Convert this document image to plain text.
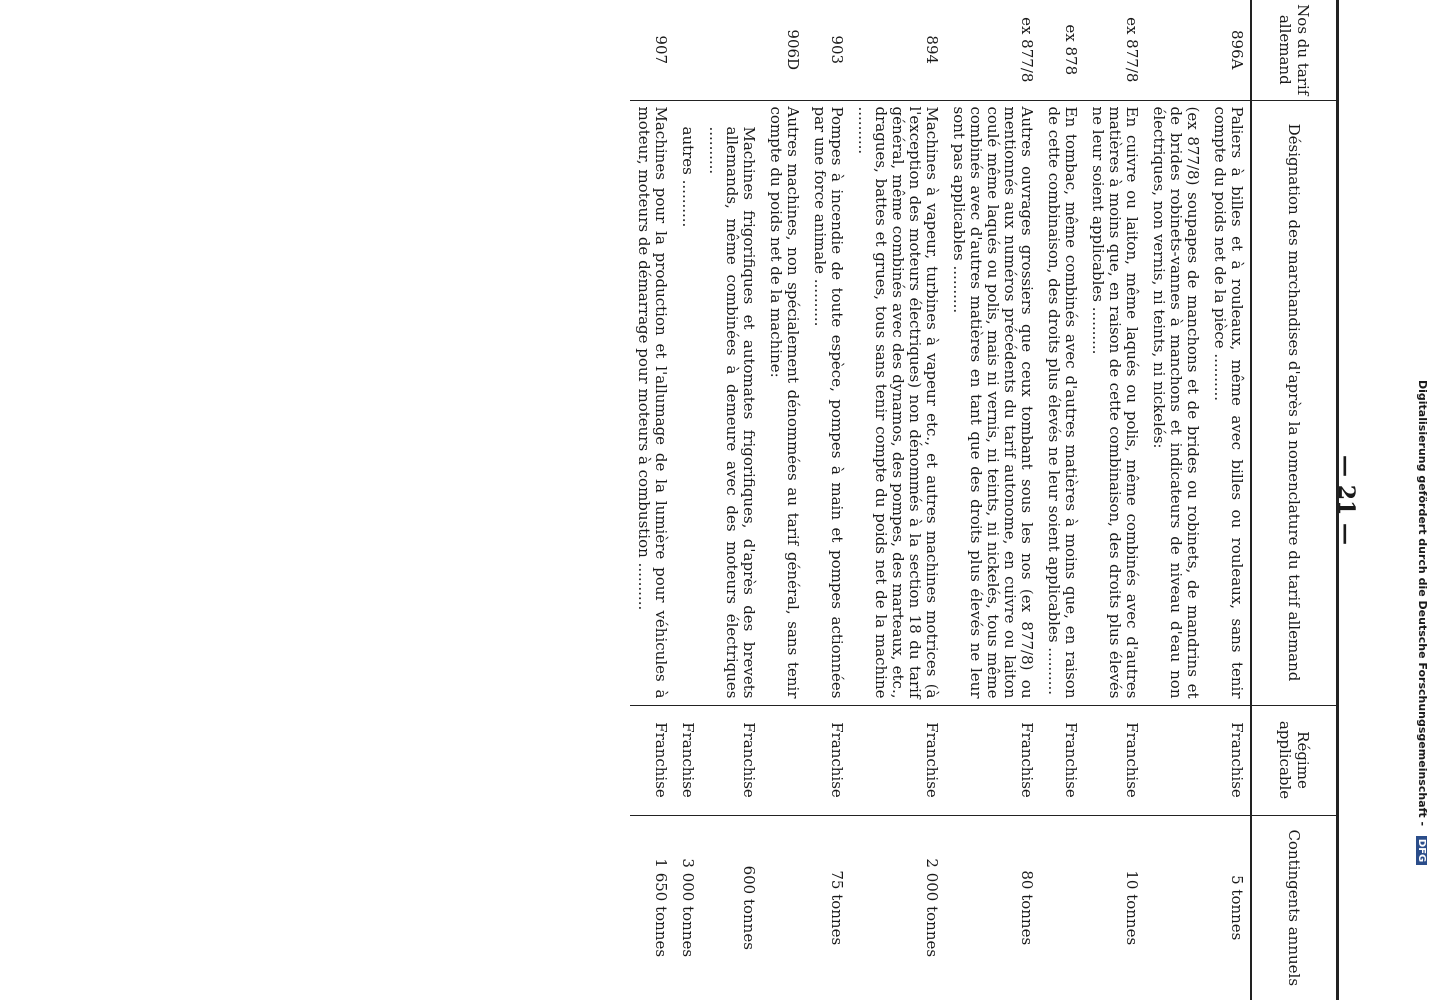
— 21 —
Nos du tarif allemand	Désignation des marchandises d'après la nomenclature du tarif allemand	Régime applicable	Contingents annuels
896A	Paliers à billes et à rouleaux, même avec billes ou rouleaux, sans tenir compte du poids net de la pièce ..........	Franchise	5 tonnes
	(ex 877/8) soupapes de manchons et de brides ou robinets, de mandrins et de brides robinets-vannes à manchons et indicateurs de niveau d'eau non électriques, non vernis, ni teints, ni nickelés:		
ex 877/8	En cuivre ou laiton, même laqués ou polis, même combinés avec d'autres matières à moins que, en raison de cette combinaison, des droits plus élevés ne leur soient applicables ..........	Franchise	10 tonnes
ex 878	En tombac, même combinés avec d'autres matières à moins que, en raison de cette combinaison, des droits plus élevés ne leur soient applicables ..........	Franchise	
ex 877/8	Autres ouvrages grossiers que ceux tombant sous les nos (ex 877/8) ou mentionnés aux numéros précédents du tarif autonome, en cuivre ou laiton coulé même laqués ou polis, mais ni vernis, ni teints, ni nickelés, tous même combinés avec d'autres matières en tant que des droits plus élevés ne leur sont pas applicables ..........	Franchise	80 tonnes
894	Machines à vapeur, turbines à vapeur etc., et autres machines motrices (à l'exception des moteurs électriques) non dénommés à la section 18 du tarif général, même combinés avec des dynamos, des pompes, des marteaux, etc., dragues, battes et grues, tous sans tenir compte du poids net de la machine ..........	Franchise	2 000 tonnes
903	Pompes à incendie de toute espèce, pompes à main et pompes actionnées par une force animale ..........	Franchise	75 tonnes
906D	Autres machines, non spécialement dénommées au tarif général, sans tenir compte du poids net de la machine:		
	Machines frigorifiques et automates frigorifiques, d'après des brevets allemands, même combinées à demeure avec des moteurs électriques ..........	Franchise	600 tonnes
	autres ..........	Franchise	3 000 tonnes
907	Machines pour la production et l'allumage de la lumière pour véhicules à moteur, moteurs de démarrage pour moteurs à combustion ..........	Franchise	1 650 tonnes
Digitalisierung gefördert durch die Deutsche Forschungsgemeinschaft - DFG
